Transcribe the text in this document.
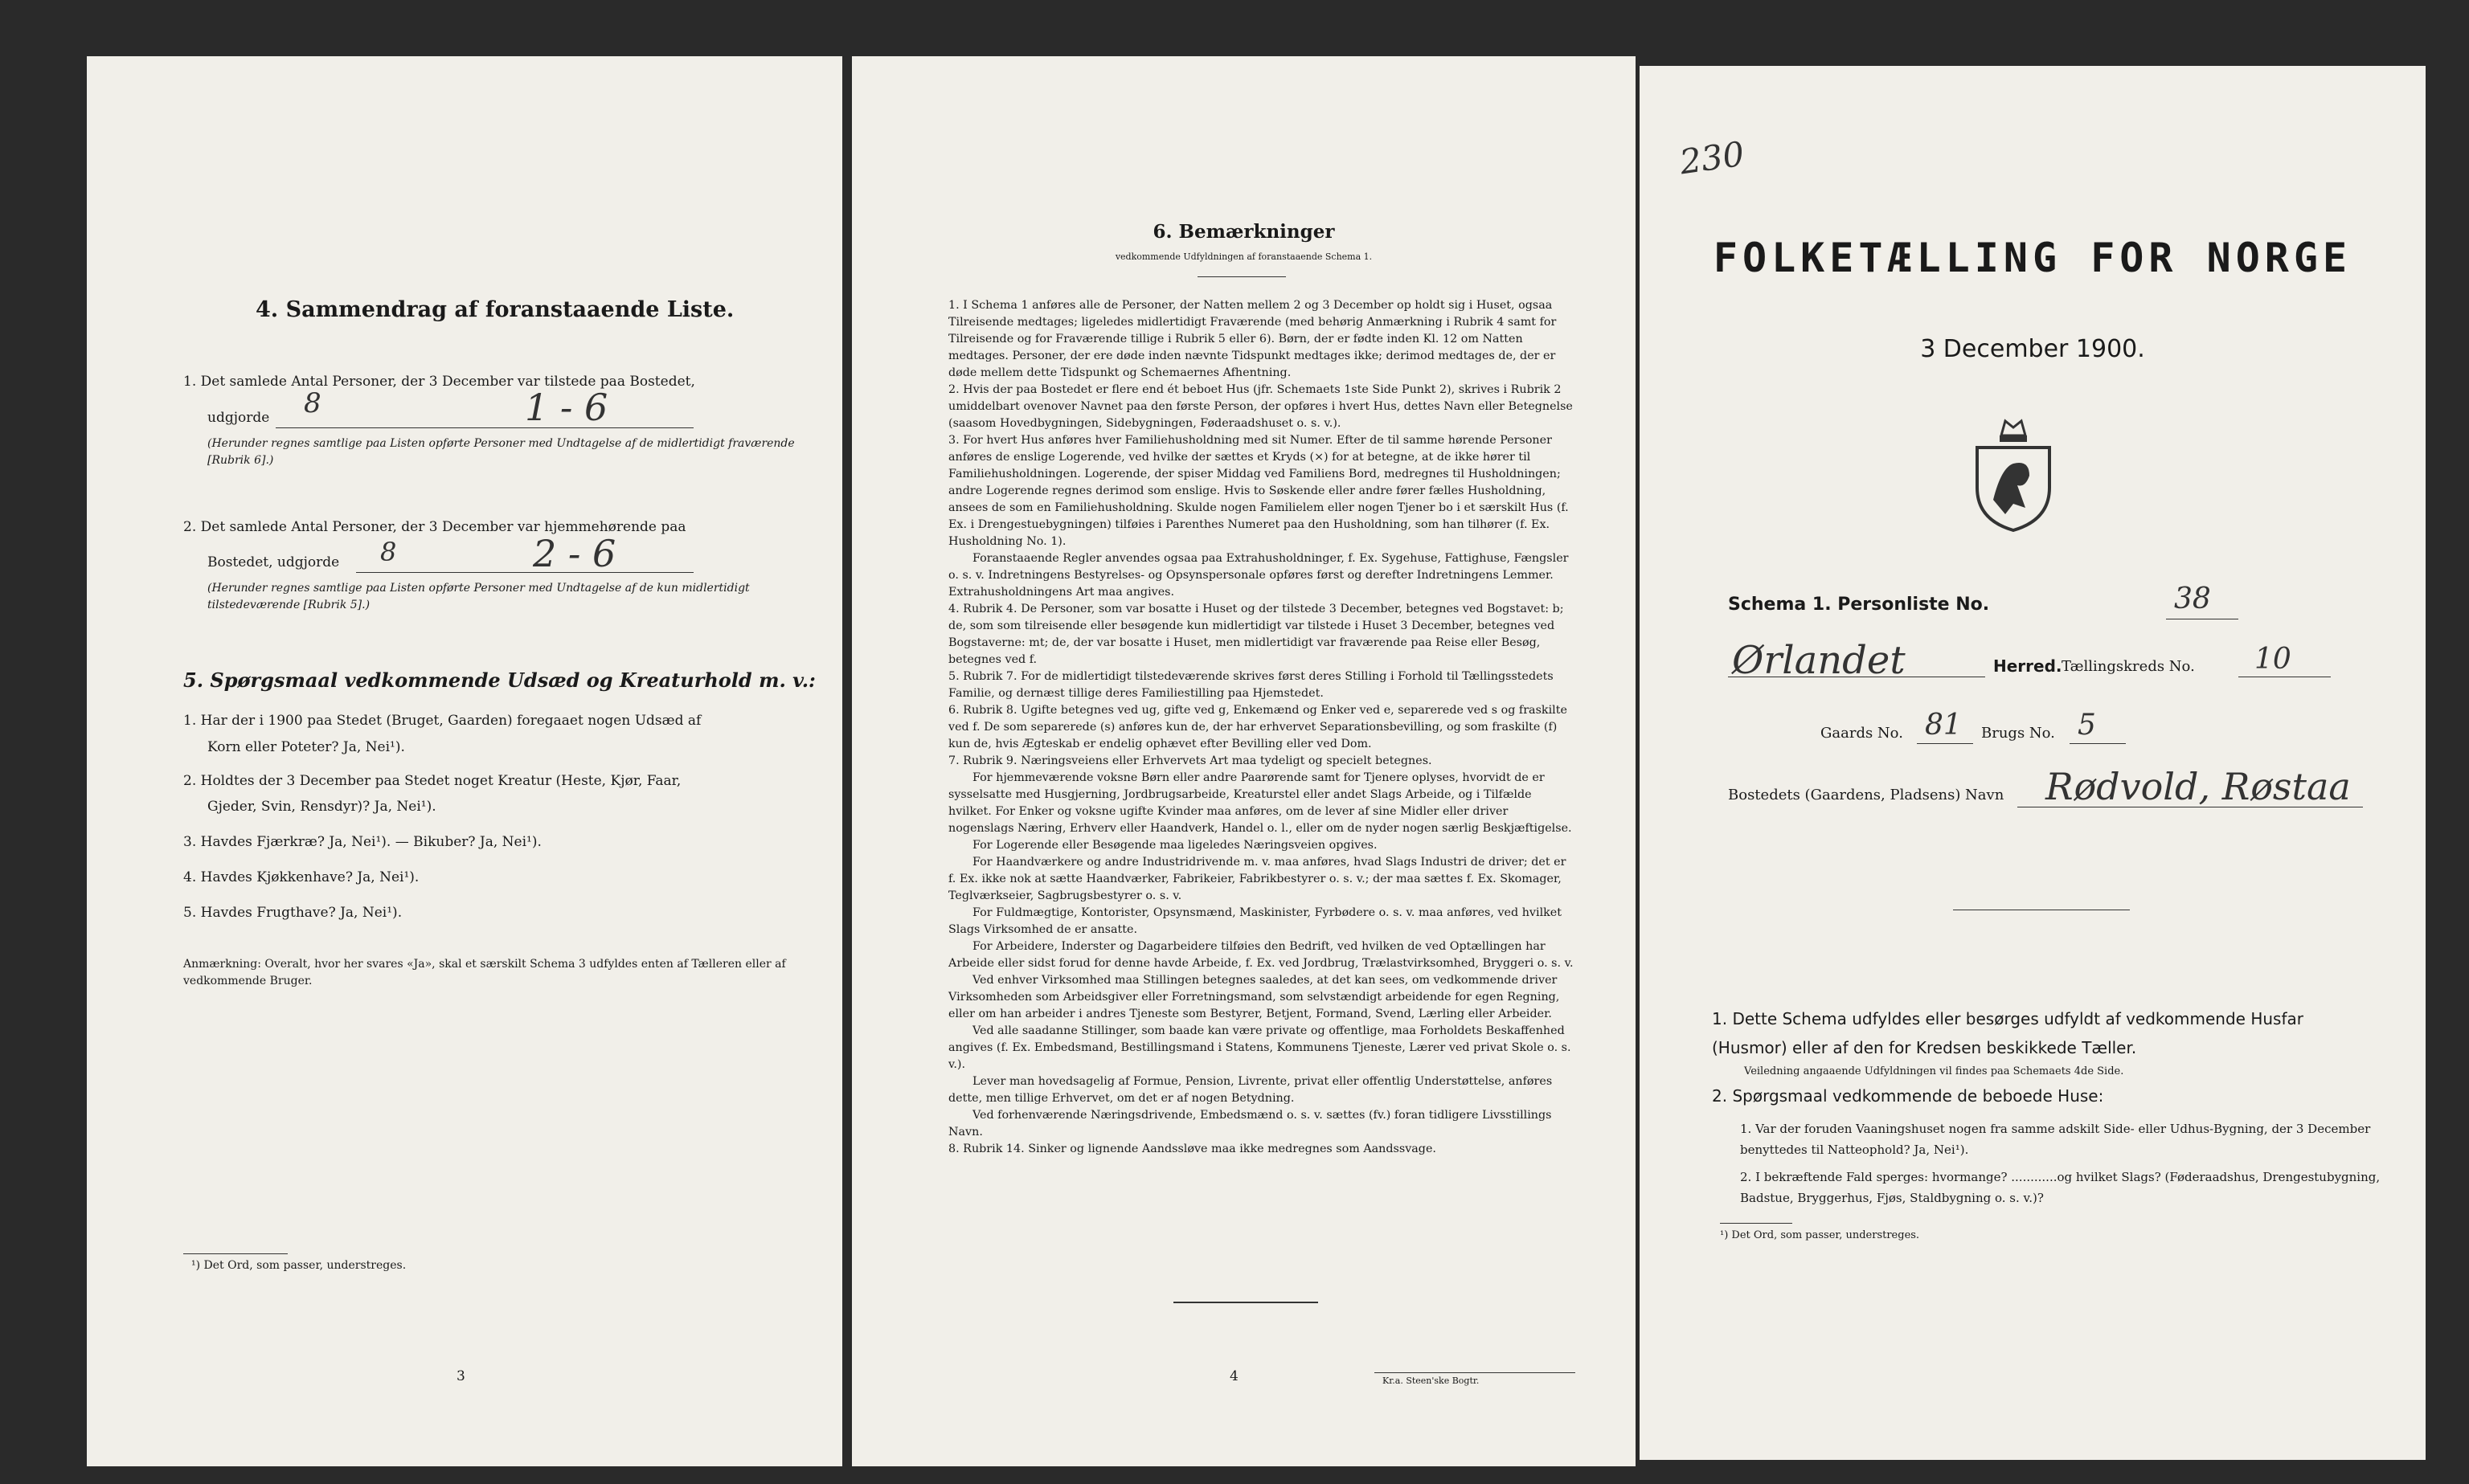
4. Sammendrag af foranstaaende Liste.
1. Det samlede Antal Personer, der 3 December var tilstede paa Bostedet,
udgjorde 8	1 - 6
(Herunder regnes samtlige paa Listen opførte Personer med Undtagelse af de midlertidigt fraværende [Rubrik 6].)
2. Det samlede Antal Personer, der 3 December var hjemmehørende paa
Bostedet, udgjorde 8	2 - 6
(Herunder regnes samtlige paa Listen opførte Personer med Undtagelse af de kun midlertidigt tilstedeværende [Rubrik 5].)
5. Spørgsmaal vedkommende Udsæd og Kreaturhold m. v.:
1. Har der i 1900 paa Stedet (Bruget, Gaarden) foregaaet nogen Udsæd af
Korn eller Poteter? Ja, Nei¹).
2. Holdtes der 3 December paa Stedet noget Kreatur (Heste, Kjør, Faar,
Gjeder, Svin, Rensdyr)? Ja, Nei¹).
3. Havdes Fjærkræ? Ja, Nei¹). — Bikuber? Ja, Nei¹).
4. Havdes Kjøkkenhave? Ja, Nei¹).
5. Havdes Frugthave? Ja, Nei¹).
Anmærkning: Overalt, hvor her svares «Ja», skal et særskilt Schema 3 udfyldes enten af Tælleren eller af vedkommende Bruger.
¹) Det Ord, som passer, understreges.
3
6. Bemærkninger
vedkommende Udfyldningen af foranstaaende Schema 1.

1. I Schema 1 anføres alle de Personer, der Natten mellem 2 og 3 December op holdt sig i Huset, ogsaa Tilreisende medtages; ligeledes midlertidigt Fraværende (med behørig Anmærkning i Rubrik 4 samt for Tilreisende og for Fraværende tillige i Rubrik 5 eller 6). Børn, der er fødte inden Kl. 12 om Natten medtages. Personer, der ere døde inden nævnte Tidspunkt medtages ikke; derimod medtages de, der er døde mellem dette Tidspunkt og Schemaernes Afhentning.

2. Hvis der paa Bostedet er flere end ét beboet Hus (jfr. Schemaets 1ste Side Punkt 2), skrives i Rubrik 2 umiddelbart ovenover Navnet paa den første Person, der opføres i hvert Hus, dettes Navn eller Betegnelse (saasom Hovedbygningen, Sidebygningen, Føderaadshuset o. s. v.).

3. For hvert Hus anføres hver Familiehusholdning med sit Numer. Efter de til samme hørende Personer anføres de enslige Logerende, ved hvilke der sættes et Kryds (×) for at betegne, at de ikke hører til Familiehusholdningen. Logerende, der spiser Middag ved Familiens Bord, medregnes til Husholdningen; andre Logerende regnes derimod som enslige. Hvis to Søskende eller andre fører fælles Husholdning, ansees de som en Familiehusholdning. Skulde nogen Familielem eller nogen Tjener bo i et særskilt Hus (f. Ex. i Drengestuebygningen) tilføies i Parenthes Numeret paa den Husholdning, som han tilhører (f. Ex. Husholdning No. 1).

Foranstaaende Regler anvendes ogsaa paa Extrahusholdninger, f. Ex. Sygehuse, Fattighuse, Fængsler o. s. v. Indretningens Bestyrelses- og Opsynspersonale opføres først og derefter Indretningens Lemmer. Extrahusholdningens Art maa angives.

4. Rubrik 4. De Personer, som var bosatte i Huset og der tilstede 3 December, betegnes ved Bogstavet: b; de, som som tilreisende eller besøgende kun midlertidigt var tilstede i Huset 3 December, betegnes ved Bogstaverne: mt; de, der var bosatte i Huset, men midlertidigt var fraværende paa Reise eller Besøg, betegnes ved f.

5. Rubrik 7. For de midlertidigt tilstedeværende skrives først deres Stilling i Forhold til Tællingsstedets Familie, og dernæst tillige deres Familiestilling paa Hjemstedet.

6. Rubrik 8. Ugifte betegnes ved ug, gifte ved g, Enkemænd og Enker ved e, separerede ved s og fraskilte ved f. De som separerede (s) anføres kun de, der har erhvervet Separationsbevilling, og som fraskilte (f) kun de, hvis Ægteskab er endelig ophævet efter Bevilling eller ved Dom.

7. Rubrik 9. Næringsveiens eller Erhvervets Art maa tydeligt og specielt betegnes.

For hjemmeværende voksne Børn eller andre Paarørende samt for Tjenere oplyses, hvorvidt de er sysselsatte med Husgjerning, Jordbrugsarbeide, Kreaturstel eller andet Slags Arbeide, og i Tilfælde hvilket. For Enker og voksne ugifte Kvinder maa anføres, om de lever af sine Midler eller driver nogenslags Næring, Erhverv eller Haandverk, Handel o. l., eller om de nyder nogen særlig Beskjæftigelse.

For Logerende eller Besøgende maa ligeledes Næringsveien opgives.

For Haandværkere og andre Industridrivende m. v. maa anføres, hvad Slags Industri de driver; det er f. Ex. ikke nok at sætte Haandværker, Fabrikeier, Fabrikbestyrer o. s. v.; der maa sættes f. Ex. Skomager, Teglværkseier, Sagbrugsbestyrer o. s. v.

For Fuldmægtige, Kontorister, Opsynsmænd, Maskinister, Fyrbødere o. s. v. maa anføres, ved hvilket Slags Virksomhed de er ansatte.

For Arbeidere, Inderster og Dagarbeidere tilføies den Bedrift, ved hvilken de ved Optællingen har Arbeide eller sidst forud for denne havde Arbeide, f. Ex. ved Jordbrug, Trælastvirksomhed, Bryggeri o. s. v.

Ved enhver Virksomhed maa Stillingen betegnes saaledes, at det kan sees, om vedkommende driver Virksomheden som Arbeidsgiver eller Forretningsmand, som selvstændigt arbeidende for egen Regning, eller om han arbeider i andres Tjeneste som Bestyrer, Betjent, Formand, Svend, Lærling eller Arbeider.

Ved alle saadanne Stillinger, som baade kan være private og offentlige, maa Forholdets Beskaffenhed angives (f. Ex. Embedsmand, Bestillingsmand i Statens, Kommunens Tjeneste, Lærer ved privat Skole o. s. v.).

Lever man hovedsagelig af Formue, Pension, Livrente, privat eller offentlig Understøttelse, anføres dette, men tillige Erhvervet, om det er af nogen Betydning.

Ved forhenværende Næringsdrivende, Embedsmænd o. s. v. sættes (fv.) foran tidligere Livsstillings Navn.

8. Rubrik 14. Sinker og lignende Aandssløve maa ikke medregnes som Aandssvage.

4	Kr.a. Steen'ske Bogtr.
230
FOLKETÆLLING FOR NORGE
3 December 1900.
Schema 1. Personliste No.	38
Ørlandet	Herred. Tællingskreds No. 10
Gaards No. 81 Brugs No. 5
Bostedets (Gaardens, Pladsens) Navn Rødvold, Røstaa
1. Dette Schema udfyldes eller besørges udfyldt af vedkommende Husfar (Husmor) eller af den for Kredsen beskikkede Tæller.
Veiledning angaaende Udfyldningen vil findes paa Schemaets 4de Side.
2. Spørgsmaal vedkommende de beboede Huse:
1. Var der foruden Vaaningshuset nogen fra samme adskilt Side- eller Udhus-Bygning, der 3 December benyttedes til Natteophold? Ja, Nei¹).
2. I bekræftende Fald sperges: hvormange? ............og hvilket Slags? (Føderaadshus, Drengestubygning, Badstue, Bryggerhus, Fjøs, Staldbygning o. s. v.)?
¹) Det Ord, som passer, understreges.
